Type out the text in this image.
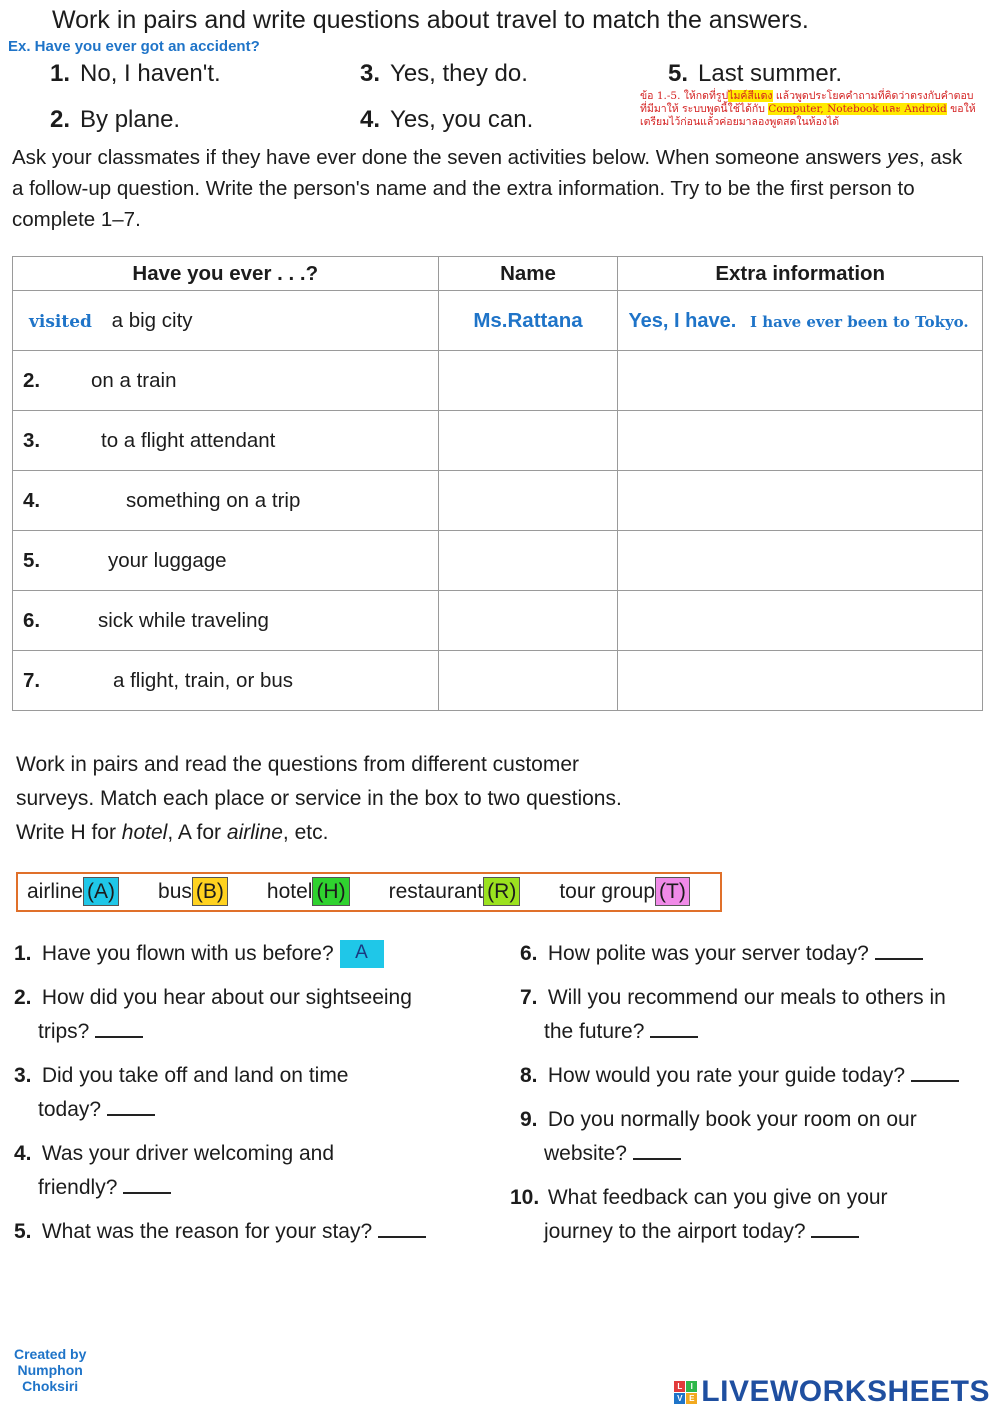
Work in pairs and write questions about travel to match the answers.
Ex. Have you ever got an accident?
1. No, I haven't.
2. By plane.
3. Yes, they do.
4. Yes, you can.
5. Last summer.
ข้อ 1.-5. ให้กดที่รูปไมค์สีแดง แล้วพูดประโยคคำถามที่คิดว่าตรงกับคำตอบที่มีมาให้ ระบบพูดนี้ใช้ได้กับ Computer, Notebook และ Android ขอให้เตรียมไว้ก่อนแล้วค่อยมาลองพูดสดในห้องได้
Ask your classmates if they have ever done the seven activities below. When someone answers yes, ask a follow-up question. Write the person's name and the extra information. Try to be the first person to complete 1–7.
Have you ever . . .?	Name	Extra information
visited a big city	Ms.Rattana	Yes, I have. I have ever been to Tokyo.
2. on a train		
3. to a flight attendant		
4. something on a trip		
5. your luggage		
6. sick while traveling		
7. a flight, train, or bus		
Work in pairs and read the questions from different customer
surveys. Match each place or service in the box to two questions.
Write H for hotel, A for airline, etc.
airline (A) bus (B) hotel (H) restaurant (R) tour group (T)
1. Have you flown with us before? A
2. How did you hear about our sightseeing
trips?
3. Did you take off and land on time
today?
4. Was your driver welcoming and
friendly?
5. What was the reason for your stay?
6. How polite was your server today?
7. Will you recommend our meals to others in
the future?
8. How would you rate your guide today?
9. Do you normally book your room on our
website?
10. What feedback can you give on your
journey to the airport today?
Created by
Numphon
Choksiri	L	I
V E LIVEWORKSHEETS
